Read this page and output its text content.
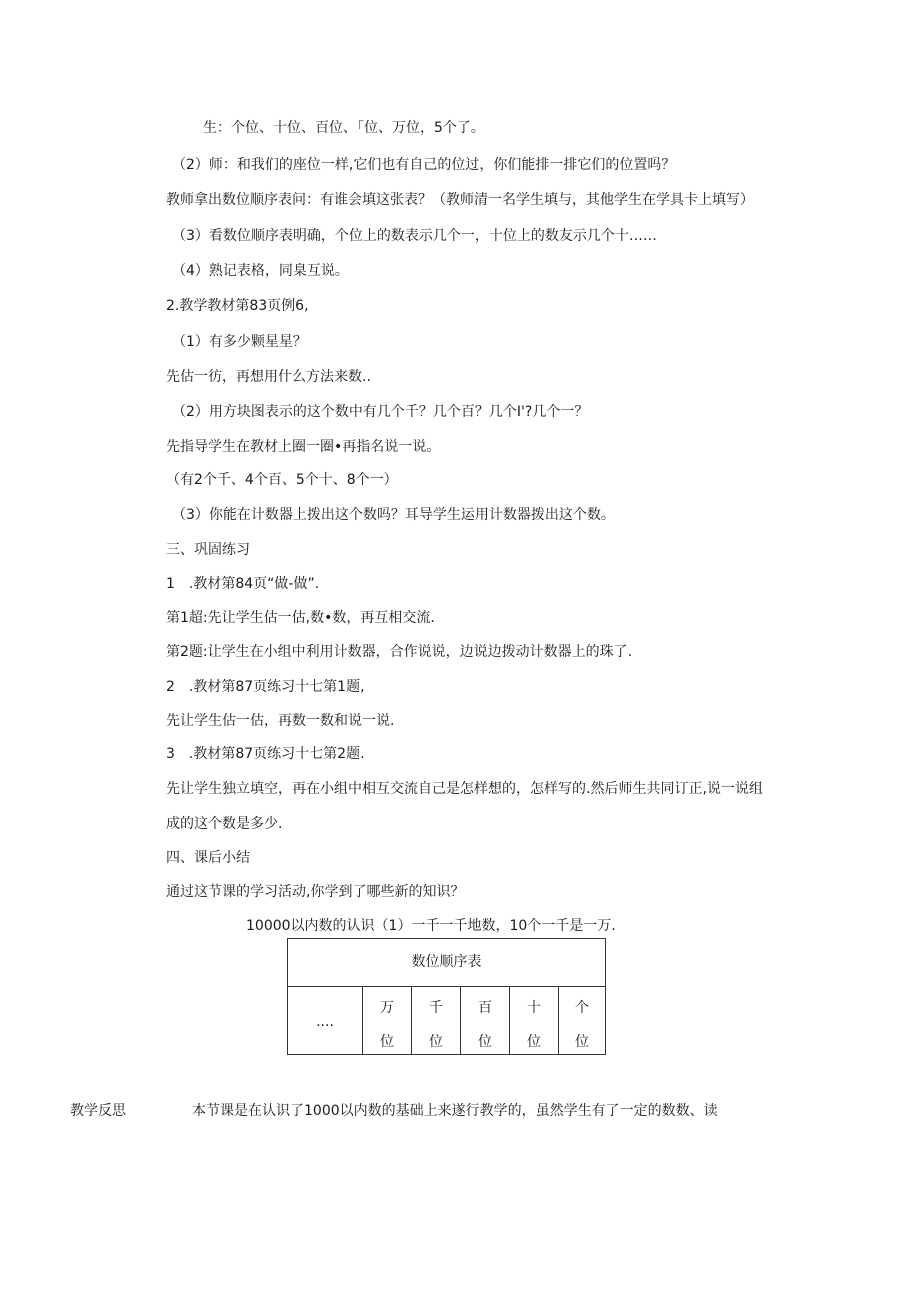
生：个位、十位、百位、「位、万位，5个了。
（2）师：和我们的座位一样,它们也有自己的位过，你们能排一排它们的位置吗？
教师拿出数位顺序表问：有谁会填这张表？（教师清一名学生填与，其他学生在学具卡上填写）
（3）看数位顺序表明确，个位上的数表示几个一，十位上的数友示几个十……
（4）熟记表格，同臬互说。
2.教学教材第83页例6,
（1）有多少颗星星？
先估一彷，再想用什么方法来数..
（2）用方块图表示的这个数中有几个千？几个百？几个I'?几个一？
先指导学生在教材上圈一圈•再指名说一说。
（有2个千、4个百、5个十、8个一）
（3）你能在计数器上拨出这个数吗？耳导学生运用计数器拨出这个数。
三、巩固练习
1　.教材第84页“做-做”.
第1超:先让学生估一估,数•数，再互相交流.
第2题:让学生在小组中利用计数器，合作说说，边说边拨动计数器上的珠了.
2　.教材第87页练习十七第1题,
先让学生估一估，再数一数和说一说.
3　.教材第87页练习十七第2题.
先让学生独立填空，再在小组中相互交流自己是怎样想的，怎样写的.然后师生共同订正,说一说组
成的这个数是多少.
四、课后小结
通过这节课的学习活动,你学到了哪些新的知识？
10000以内数的认识（1）一千一千地数，10个一千是一万.
数位顺序表
....
万
位
千
位
百
位
十
位
个
位
教学反思	本节课是在认识了1000以内数的基础上来遂行教学的，虽然学生有了一定的数数、读
